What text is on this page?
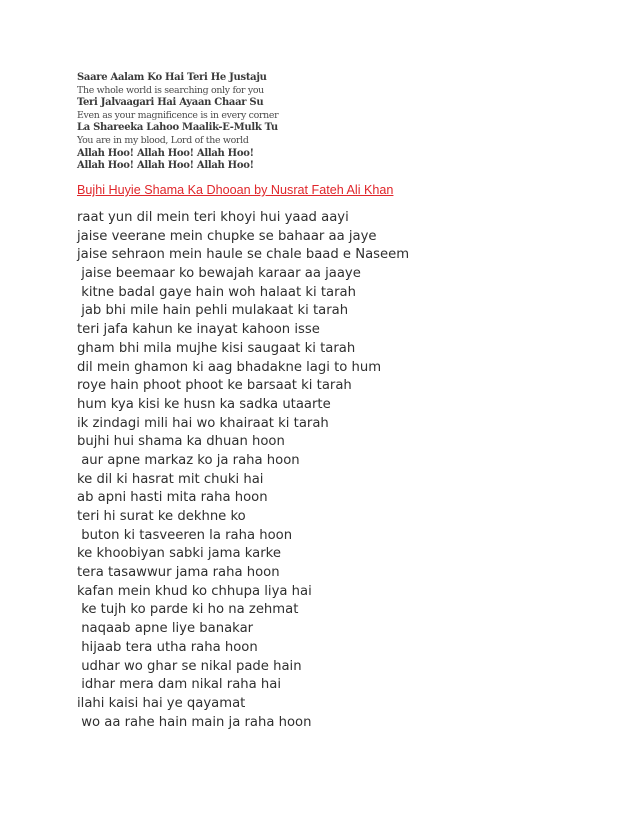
Saare Aalam Ko Hai Teri He Justaju
The whole world is searching only for you
Teri Jalvaagari Hai Ayaan Chaar Su
Even as your magnificence is in every corner
La Shareeka Lahoo Maalik-E-Mulk Tu
You are in my blood, Lord of the world
Allah Hoo! Allah Hoo! Allah Hoo!
Allah Hoo! Allah Hoo! Allah Hoo!
Bujhi Huyie Shama Ka Dhooan by Nusrat Fateh Ali Khan
raat yun dil mein teri khoyi hui yaad aayi
jaise veerane mein chupke se bahaar aa jaye
jaise sehraon mein haule se chale baad e Naseem
jaise beemaar ko bewajah karaar aa jaaye
kitne badal gaye hain woh halaat ki tarah
jab bhi mile hain pehli mulakaat ki tarah
teri jafa kahun ke inayat kahoon isse
gham bhi mila mujhe kisi saugaat ki tarah
dil mein ghamon ki aag bhadakne lagi to hum
roye hain phoot phoot ke barsaat ki tarah
hum kya kisi ke husn ka sadka utaarte
ik zindagi mili hai wo khairaat ki tarah
bujhi hui shama ka dhuan hoon
aur apne markaz ko ja raha hoon
ke dil ki hasrat mit chuki hai
ab apni hasti mita raha hoon
teri hi surat ke dekhne ko
buton ki tasveeren la raha hoon
ke khoobiyan sabki jama karke
tera tasawwur jama raha hoon
kafan mein khud ko chhupa liya hai
ke tujh ko parde ki ho na zehmat
naqaab apne liye banakar
hijaab tera utha raha hoon
udhar wo ghar se nikal pade hain
idhar mera dam nikal raha hai
ilahi kaisi hai ye qayamat
wo aa rahe hain main ja raha hoon
